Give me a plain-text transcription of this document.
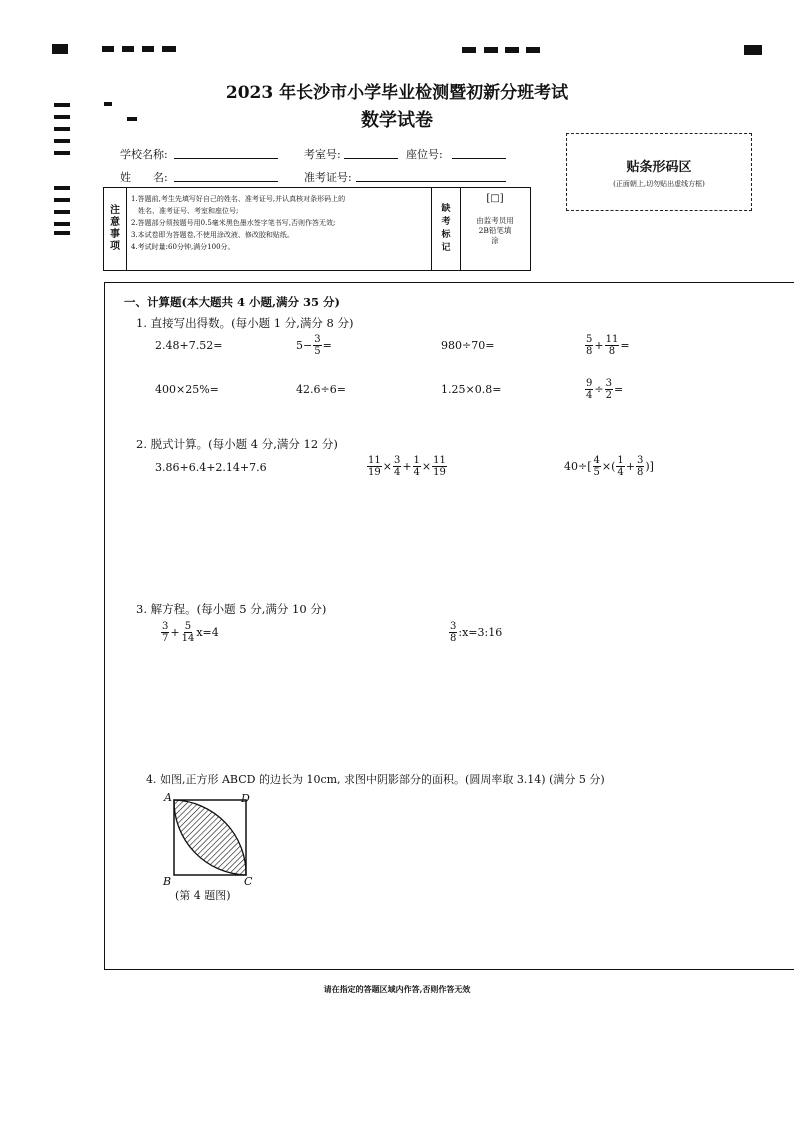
2023 年长沙市小学毕业检测暨初新分班考试
数学试卷
学校名称:	考室号:	座位号:
姓　　名:	准考证号:
贴条形码区
(正面朝上,切勿贴出虚线方框)
注意事项
1.答题前,考生先填写好自己的姓名、准考证号,并认真核对条形码上的
　姓名、准考证号、考室和座位号;
2.答题部分须按题号用0.5毫米黑色墨水签字笔书写,否则作答无效;
3.本试卷即为答题卷,不使用涂改液、修改胶和贴纸。
4.考试时量:60分钟,满分100分。
缺考标记
[□]
由监考员用2B铅笔填涂
一、计算题(本大题共 4 小题,满分 35 分)
1. 直接写出得数。(每小题 1 分,满分 8 分)
2.48+7.52=	$5- \frac{3}{5}$ =	980÷70=	$\frac{5}{8} + \frac{11}{8}$ =
400×25%=	42.6÷6=	1.25×0.8=	$\frac{9}{4} \div \frac{3}{2}$ =
2. 脱式计算。(每小题 4 分,满分 12 分)
3.86+6.4+2.14+7.6	$\frac{11}{19} \times \frac{3}{4} + \frac{1}{4} \times \frac{11}{19}$	$40\div[ \frac{4}{5}$ ×( $\frac{1}{4} + \frac{3}{8}$ )]
3. 解方程。(每小题 5 分,满分 10 分)
$\frac{3}{7} + \frac{5}{14} x=4$	$\frac{3}{8}$ :x=3:16
4. 如图,正方形 ABCD 的边长为 10cm, 求图中阴影部分的面积。(圆周率取 3.14) (满分 5 分)
A	D
B	C
(第 4 题图)
请在指定的答题区域内作答,否则作答无效
